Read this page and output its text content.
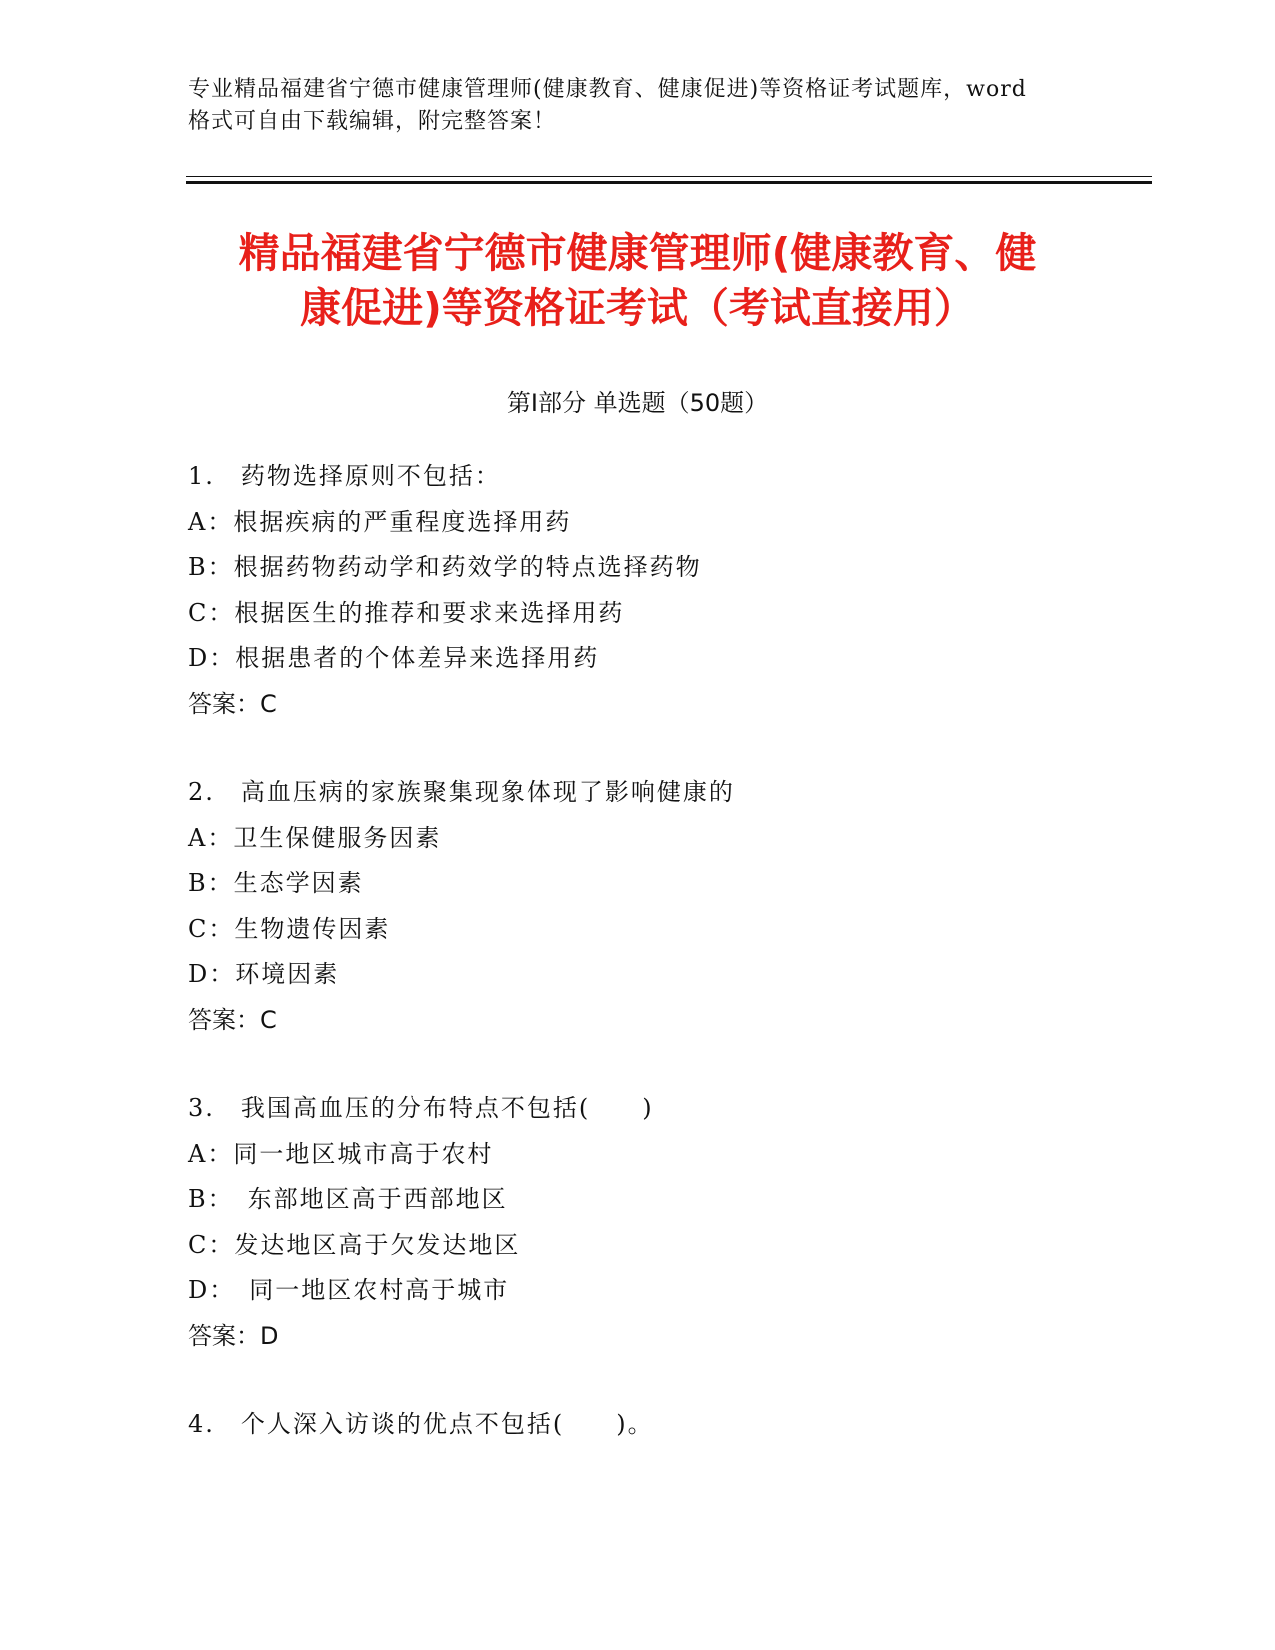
专业精品福建省宁德市健康管理师(健康教育、健康促进)等资格证考试题库，word
格式可自由下载编辑，附完整答案！
精品福建省宁德市健康管理师(健康教育、健
康促进)等资格证考试（考试直接用）
第Ⅰ部分 单选题（50题）
1.　药物选择原则不包括：
A：根据疾病的严重程度选择用药
B：根据药物药动学和药效学的特点选择药物
C：根据医生的推荐和要求来选择用药
D：根据患者的个体差异来选择用药
答案：C
2.　高血压病的家族聚集现象体现了影响健康的
A：卫生保健服务因素
B：生态学因素
C：生物遗传因素
D：环境因素
答案：C
3.　我国高血压的分布特点不包括(　　)
A：同一地区城市高于农村
B：　东部地区高于西部地区
C：发达地区高于欠发达地区
D：　同一地区农村高于城市
答案：D
4.　个人深入访谈的优点不包括(　　)。
